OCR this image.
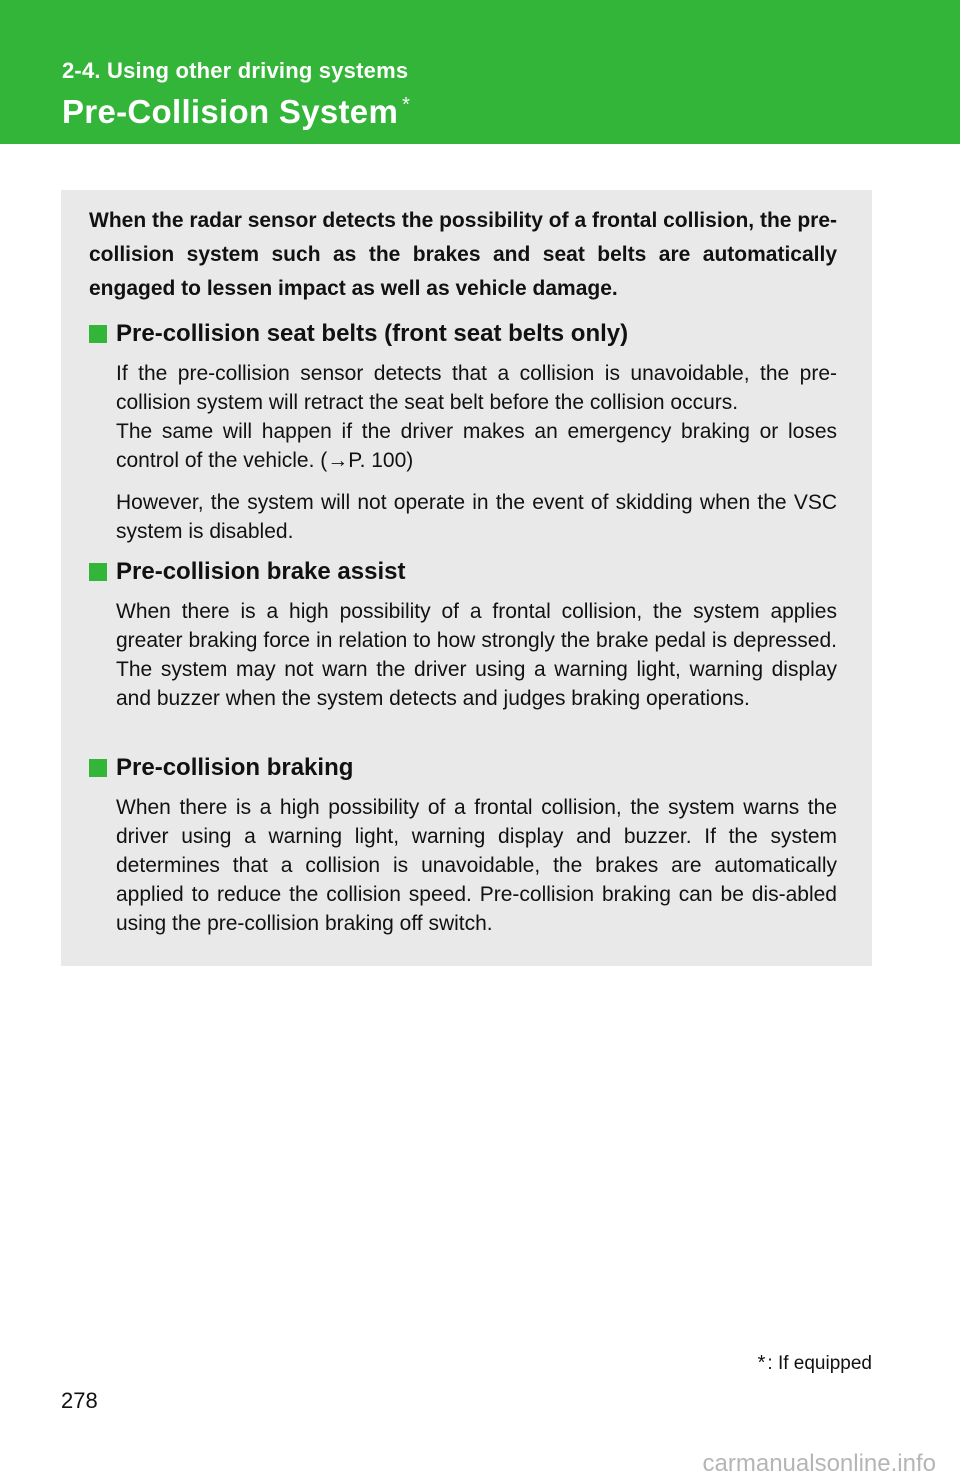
2-4. Using other driving systems
Pre-Collision System *
When the radar sensor detects the possibility of a frontal collision, the pre-collision system such as the brakes and seat belts are automatically engaged to lessen impact as well as vehicle damage.
Pre-collision seat belts (front seat belts only)
If the pre-collision sensor detects that a collision is unavoidable, the pre-collision system will retract the seat belt before the collision occurs.
The same will happen if the driver makes an emergency braking or loses control of the vehicle. (→P. 100)
However, the system will not operate in the event of skidding when the VSC system is disabled.
Pre-collision brake assist
When there is a high possibility of a frontal collision, the system applies greater braking force in relation to how strongly the brake pedal is depressed. The system may not warn the driver using a warning light, warning display and buzzer when the system detects and judges braking operations.
Pre-collision braking
When there is a high possibility of a frontal collision, the system warns the driver using a warning light, warning display and buzzer. If the system determines that a collision is unavoidable, the brakes are automatically applied to reduce the collision speed. Pre-collision braking can be dis-abled using the pre-collision braking off switch.
* : If equipped
278
carmanualsonline.info
